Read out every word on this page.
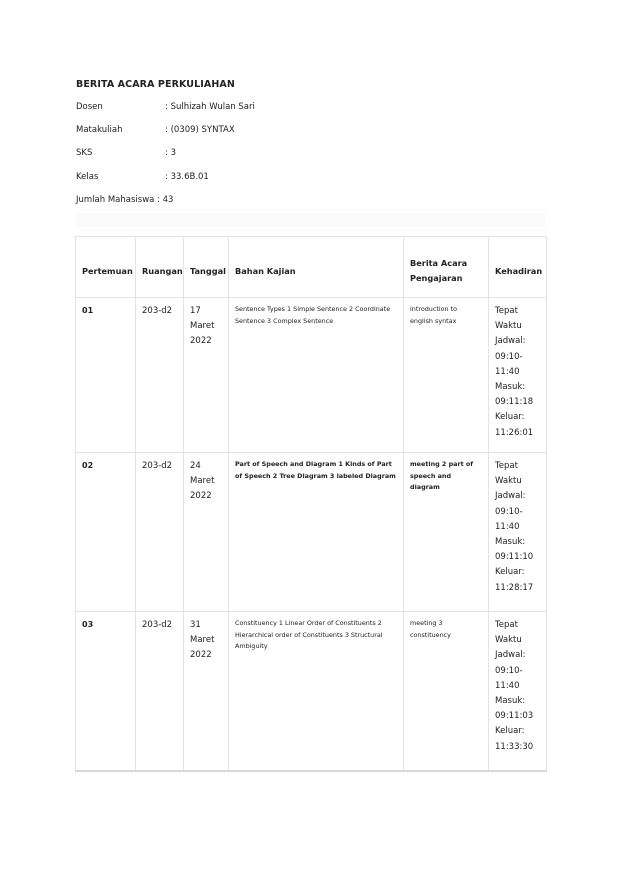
BERITA ACARA PERKULIAHAN
Dosen	: Sulhizah Wulan Sari
Matakuliah	: (0309) SYNTAX
SKS	: 3
Kelas	: 33.6B.01
Jumlah Mahasiswa : 43
Pertemuan	Ruangan	Tanggal	Bahan Kajian	Berita Acara Pengajaran	Kehadiran
01	203-d2	17 Maret 2022	Sentence Types 1 Simple Sentence 2 Coordinate Sentence 3 Complex Sentence	introduction to english syntax	Tepat Waktu Jadwal: 09:10-11:40 Masuk: 09:11:18 Keluar: 11:26:01
02	203-d2	24 Maret 2022	Part of Speech and Diagram 1 Kinds of Part of Speech 2 Tree Diagram 3 labeled Diagram	meeting 2 part of speech and diagram	Tepat Waktu Jadwal: 09:10-11:40 Masuk: 09:11:10 Keluar: 11:28:17
03	203-d2	31 Maret 2022	Constituency 1 Linear Order of Constituents 2 Hierarchical order of Constituents 3 Structural Ambiguity	meeting 3 constituency	Tepat Waktu Jadwal: 09:10-11:40 Masuk: 09:11:03 Keluar: 11:33:30
